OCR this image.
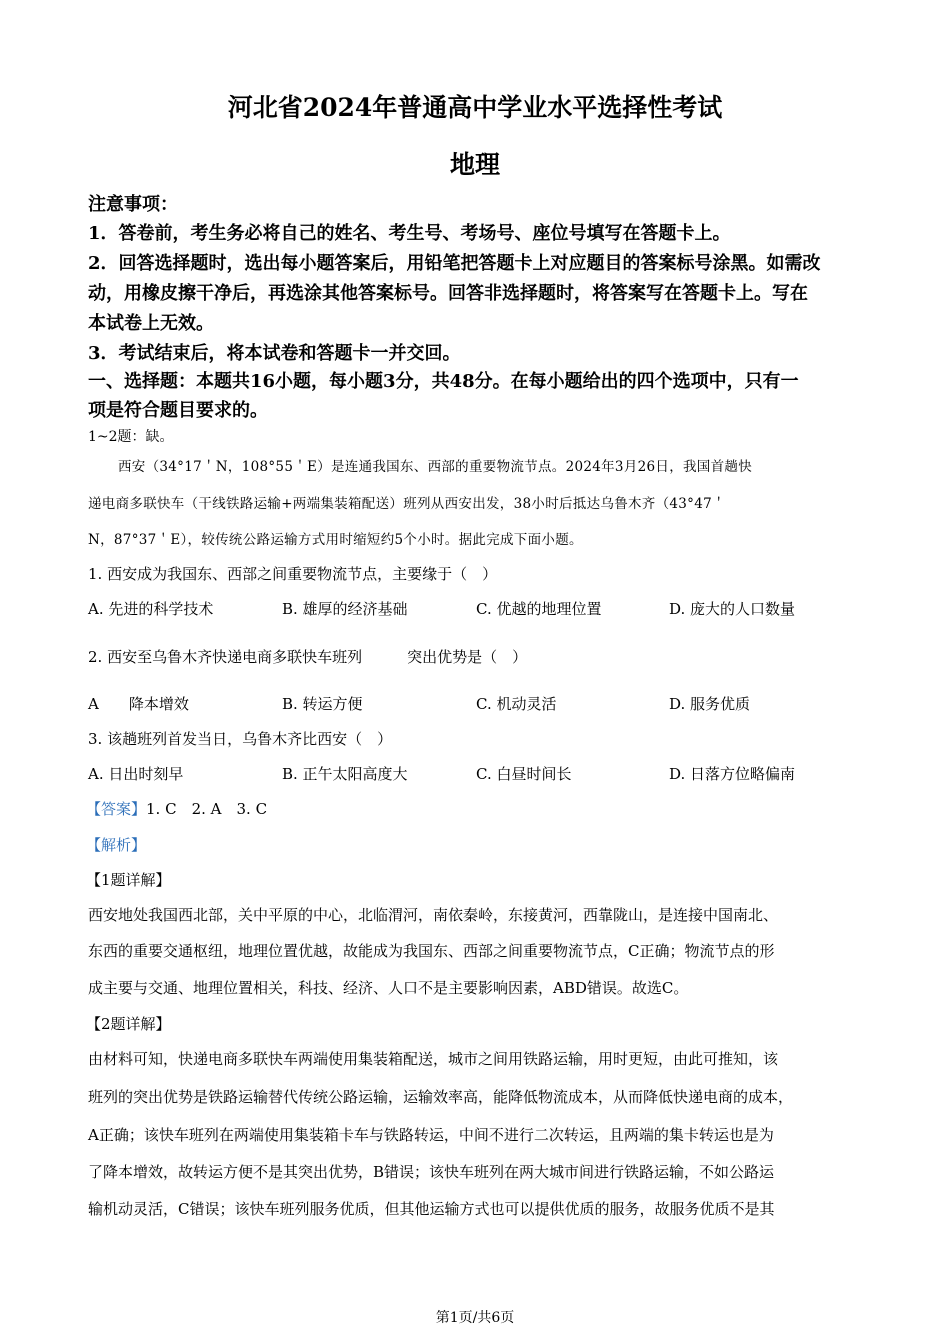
河北省2024年普通高中学业水平选择性考试
地理
注意事项：
1．答卷前，考生务必将自己的姓名、考生号、考场号、座位号填写在答题卡上。
2．回答选择题时，选出每小题答案后，用铅笔把答题卡上对应题目的答案标号涂黑。如需改
动，用橡皮擦干净后，再选涂其他答案标号。回答非选择题时，将答案写在答题卡上。写在
本试卷上无效。
3．考试结束后，将本试卷和答题卡一并交回。
一、选择题：本题共16小题，每小题3分，共48分。在每小题给出的四个选项中，只有一
项是符合题目要求的。
1~2题：缺。
西安（34°17＇N，108°55＇E）是连通我国东、西部的重要物流节点。2024年3月26日，我国首趟快
递电商多联快车（干线铁路运输+两端集装箱配送）班列从西安出发，38小时后抵达乌鲁木齐（43°47＇
N，87°37＇E），较传统公路运输方式用时缩短约5个小时。据此完成下面小题。
1. 西安成为我国东、西部之间重要物流节点，主要缘于（　）
A. 先进的科学技术	B. 雄厚的经济基础	C. 优越的地理位置	D. 庞大的人口数量
2. 西安至乌鲁木齐快递电商多联快车班列　　　突出优势是（　）
A　　降本增效	B. 转运方便	C. 机动灵活	D. 服务优质
3. 该趟班列首发当日，乌鲁木齐比西安（　）
A. 日出时刻早	B. 正午太阳高度大	C. 白昼时间长	D. 日落方位略偏南
【答案】1. C　2. A　3. C
【解析】
【1题详解】
西安地处我国西北部，关中平原的中心，北临渭河，南依秦岭，东接黄河，西靠陇山，是连接中国南北、
东西的重要交通枢纽，地理位置优越，故能成为我国东、西部之间重要物流节点，C正确；物流节点的形
成主要与交通、地理位置相关，科技、经济、人口不是主要影响因素，ABD错误。故选C。
【2题详解】
由材料可知，快递电商多联快车两端使用集装箱配送，城市之间用铁路运输，用时更短，由此可推知，该
班列的突出优势是铁路运输替代传统公路运输，运输效率高，能降低物流成本，从而降低快递电商的成本，
A正确；该快车班列在两端使用集装箱卡车与铁路转运，中间不进行二次转运，且两端的集卡转运也是为
了降本增效，故转运方便不是其突出优势，B错误；该快车班列在两大城市间进行铁路运输，不如公路运
输机动灵活，C错误；该快车班列服务优质，但其他运输方式也可以提供优质的服务，故服务优质不是其
第1页/共6页
